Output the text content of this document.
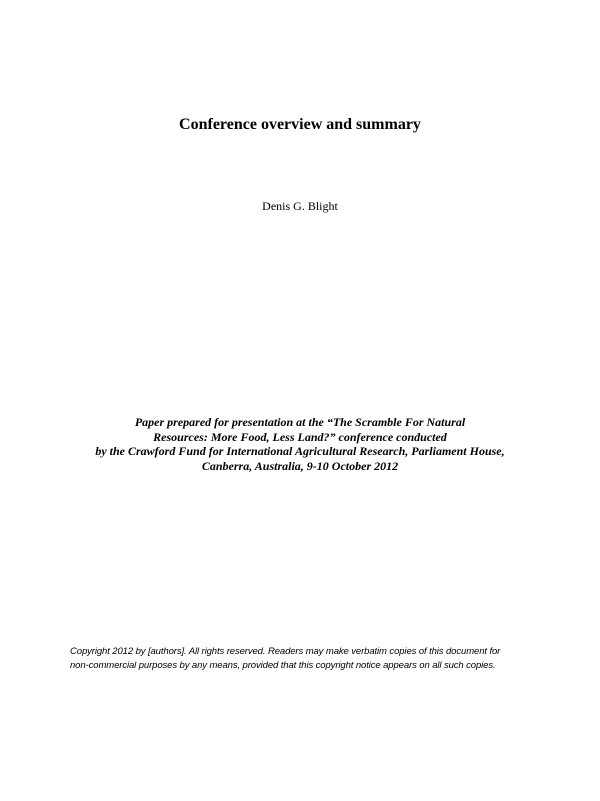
Conference overview and summary
Denis G. Blight
Paper prepared for presentation at the “The Scramble For Natural
Resources: More Food, Less Land?” conference conducted
by the Crawford Fund for International Agricultural Research, Parliament House,
Canberra, Australia, 9-10 October 2012
Copyright 2012 by [authors]. All rights reserved. Readers may make verbatim copies of this document for
non-commercial purposes by any means, provided that this copyright notice appears on all such copies.
